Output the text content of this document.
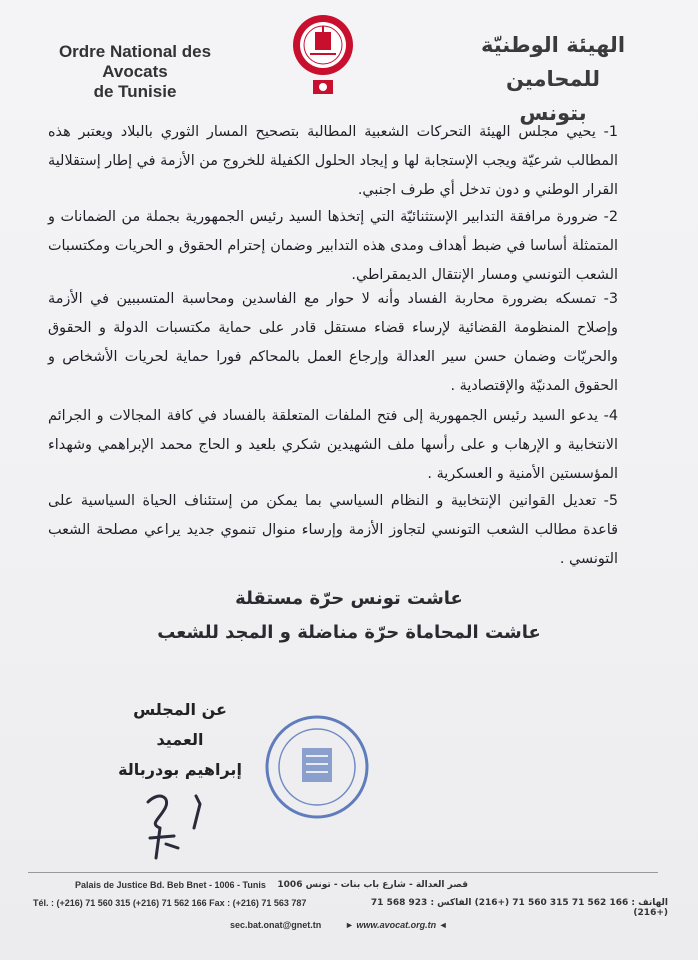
Ordre National des Avocats
de Tunisie
الهيئة الوطنيّة للمحامين
بتونس
1- يحيي مجلس الهيئة التحركات الشعبية المطالبة بتصحيح المسار الثوري بالبلاد ويعتبر هذه المطالب شرعيّة ويجب الإستجابة لها و إيجاد الحلول الكفيلة للخروج من الأزمة في إطار إستقلالية القرار الوطني و دون تدخل أي طرف اجنبي.
2- ضرورة مرافقة التدابير الإستثنائيّة التي إتخذها السيد رئيس الجمهورية بجملة من الضمانات و المتمثلة أساسا في ضبط أهداف ومدى هذه التدابير وضمان إحترام الحقوق و الحريات ومكتسبات الشعب التونسي ومسار الإنتقال الديمقراطي.
3- تمسكه بضرورة محاربة الفساد وأنه لا حوار مع الفاسدين ومحاسبة المتسببين في الأزمة وإصلاح المنظومة القضائية لإرساء قضاء مستقل قادر على حماية مكتسبات الدولة و الحقوق والحريّات وضمان حسن سير العدالة وإرجاع العمل بالمحاكم فورا حماية لحريات الأشخاص و الحقوق المدنيّة والإقتصادية .
4- يدعو السيد رئيس الجمهورية إلى فتح الملفات المتعلقة بالفساد في كافة المجالات و الجرائم الانتخابية و الإرهاب و على رأسها ملف الشهيدين شكري بلعيد و الحاج محمد الإبراهمي وشهداء المؤسستين الأمنية و العسكرية .
5- تعديل القوانين الإنتخابية و النظام السياسي بما يمكن من إستئناف الحياة السياسية على قاعدة مطالب الشعب التونسي لتجاوز الأزمة وإرساء منوال تنموي جديد يراعي مصلحة الشعب التونسي .
عاشت تونس حرّة مستقلة
عاشت المحاماة حرّة مناضلة و المجد للشعب
عن المجلس
العميد
إبراهيم بودربالة
Palais de Justice Bd. Beb Bnet - 1006 - Tunis
Tél. : (+216) 71 560 315 (+216) 71 562 166 Fax : (+216) 71 563 787
قصر العدالة - شارع باب بنات - تونس 1006
الهاتف : 166 562 71 315 560 71 (+216) الفاكس : 923 568 71 (+216)
sec.bat.onat@gnet.tn	► www.avocat.org.tn ◄
